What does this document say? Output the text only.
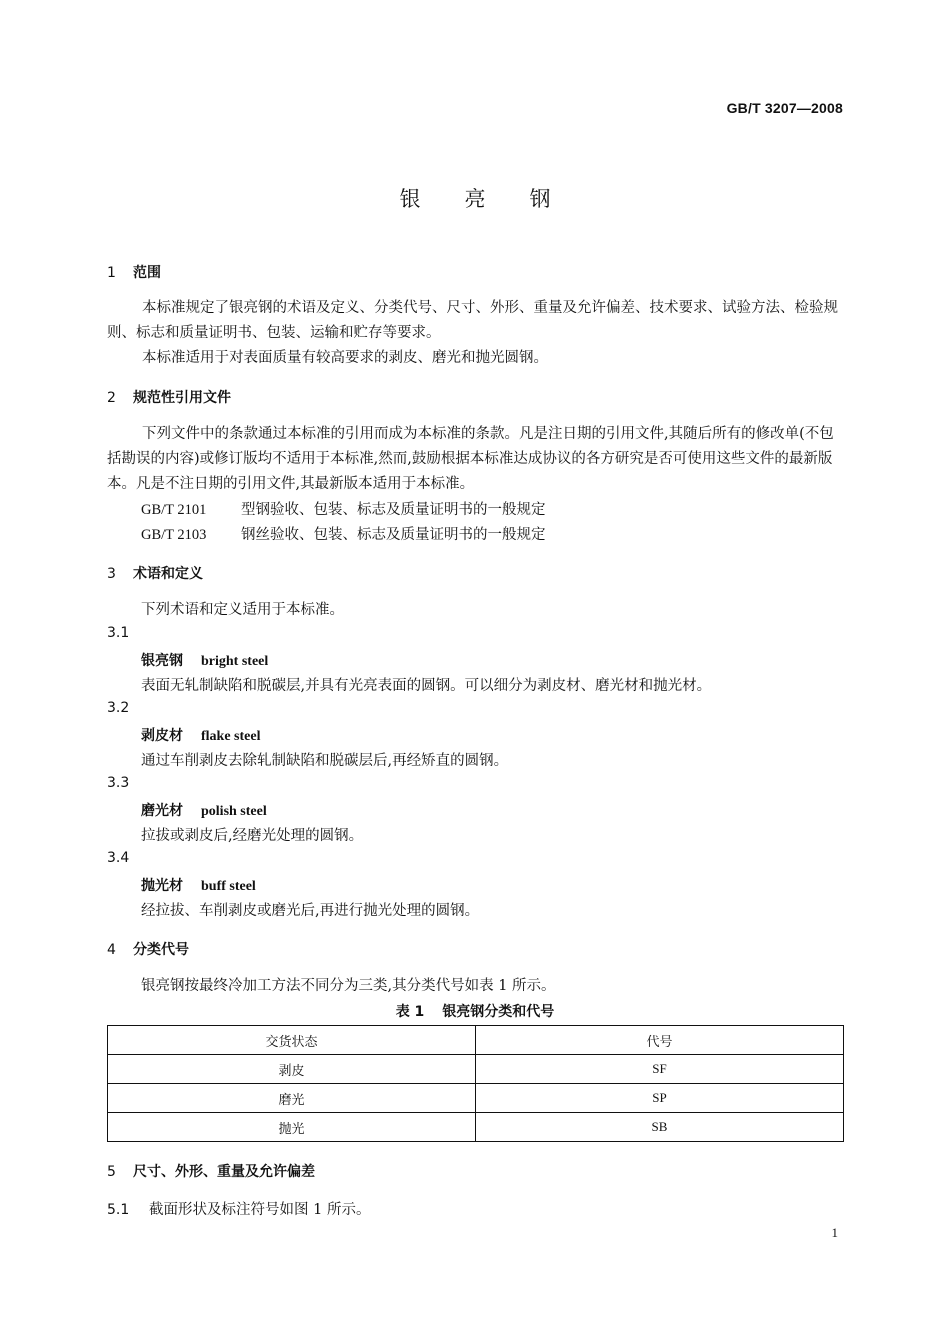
GB/T 3207—2008
银亮钢
1 范围
本标准规定了银亮钢的术语及定义、分类代号、尺寸、外形、重量及允许偏差、技术要求、试验方法、检验规则、标志和质量证明书、包装、运输和贮存等要求。
本标准适用于对表面质量有较高要求的剥皮、磨光和抛光圆钢。
2 规范性引用文件
下列文件中的条款通过本标准的引用而成为本标准的条款。凡是注日期的引用文件,其随后所有的修改单(不包括勘误的内容)或修订版均不适用于本标准,然而,鼓励根据本标准达成协议的各方研究是否可使用这些文件的最新版本。凡是不注日期的引用文件,其最新版本适用于本标准。
GB/T 2101 型钢验收、包装、标志及质量证明书的一般规定
GB/T 2103 钢丝验收、包装、标志及质量证明书的一般规定
3 术语和定义
下列术语和定义适用于本标准。
3.1
银亮钢 bright steel
表面无轧制缺陷和脱碳层,并具有光亮表面的圆钢。可以细分为剥皮材、磨光材和抛光材。
3.2
剥皮材 flake steel
通过车削剥皮去除轧制缺陷和脱碳层后,再经矫直的圆钢。
3.3
磨光材 polish steel
拉拔或剥皮后,经磨光处理的圆钢。
3.4
抛光材 buff steel
经拉拔、车削剥皮或磨光后,再进行抛光处理的圆钢。
4 分类代号
银亮钢按最终冷加工方法不同分为三类,其分类代号如表 1 所示。
表 1 银亮钢分类和代号
交货状态	代号
剥皮	SF
磨光	SP
抛光	SB
5 尺寸、外形、重量及允许偏差
5.1 截面形状及标注符号如图 1 所示。
1
